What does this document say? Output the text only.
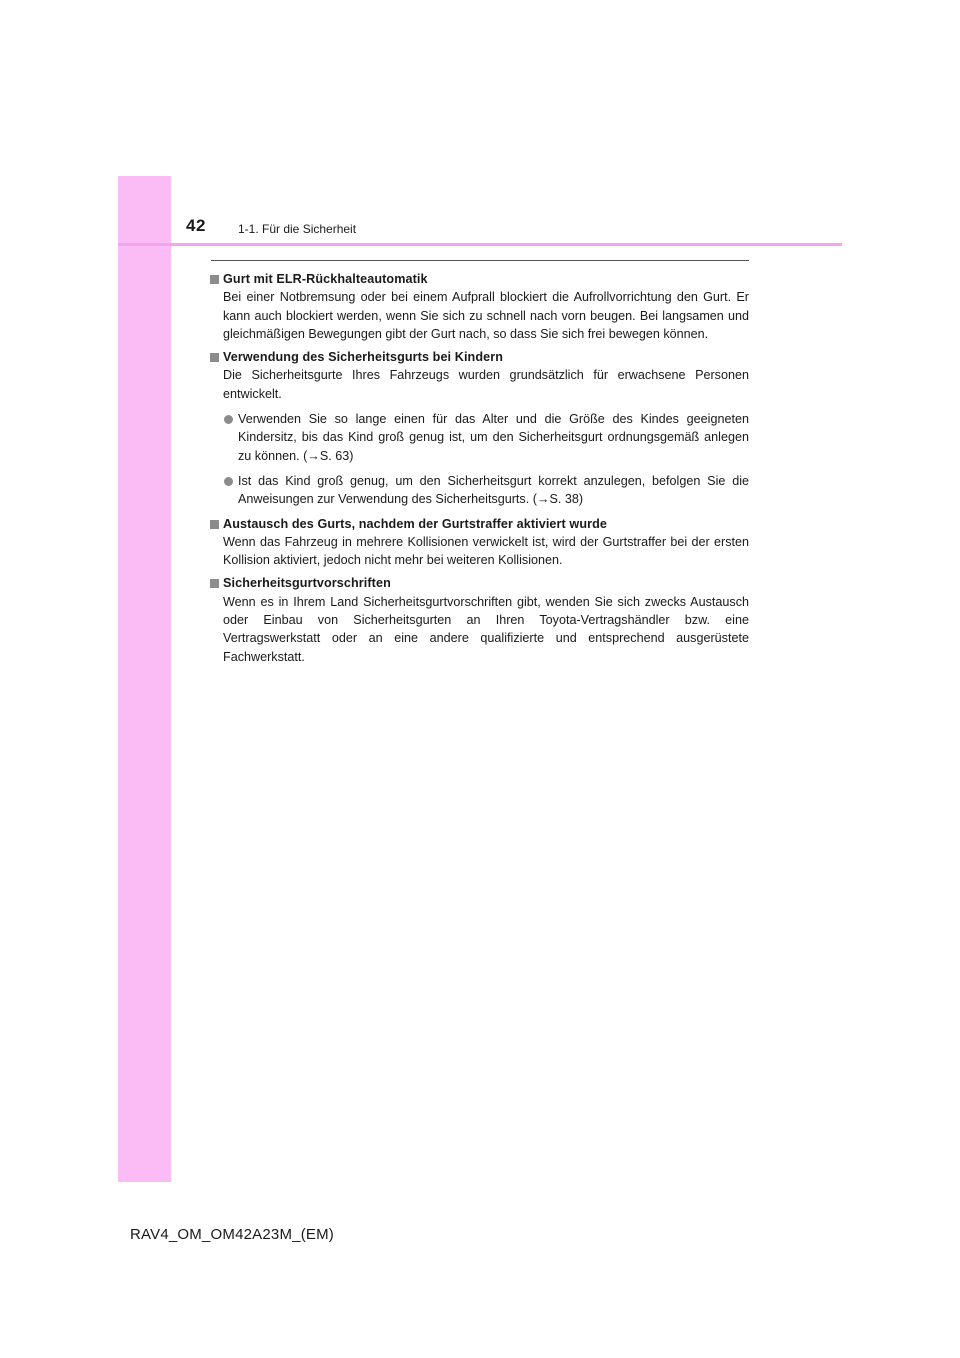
42	1-1. Für die Sicherheit
Gurt mit ELR-Rückhalteautomatik
Bei einer Notbremsung oder bei einem Aufprall blockiert die Aufrollvorrichtung den Gurt. Er kann auch blockiert werden, wenn Sie sich zu schnell nach vorn beugen. Bei langsamen und gleichmäßigen Bewegungen gibt der Gurt nach, so dass Sie sich frei bewegen können.
Verwendung des Sicherheitsgurts bei Kindern
Die Sicherheitsgurte Ihres Fahrzeugs wurden grundsätzlich für erwachsene Personen entwickelt.
Verwenden Sie so lange einen für das Alter und die Größe des Kindes geeigneten Kindersitz, bis das Kind groß genug ist, um den Sicherheitsgurt ordnungsgemäß anlegen zu können. (→S. 63)
Ist das Kind groß genug, um den Sicherheitsgurt korrekt anzulegen, befolgen Sie die Anweisungen zur Verwendung des Sicherheitsgurts. (→S. 38)
Austausch des Gurts, nachdem der Gurtstraffer aktiviert wurde
Wenn das Fahrzeug in mehrere Kollisionen verwickelt ist, wird der Gurtstraffer bei der ersten Kollision aktiviert, jedoch nicht mehr bei weiteren Kollisionen.
Sicherheitsgurtvorschriften
Wenn es in Ihrem Land Sicherheitsgurtvorschriften gibt, wenden Sie sich zwecks Austausch oder Einbau von Sicherheitsgurten an Ihren Toyota-Vertragshändler bzw. eine Vertragswerkstatt oder an eine andere qualifizierte und entsprechend ausgerüstete Fachwerkstatt.
RAV4_OM_OM42A23M_(EM)
